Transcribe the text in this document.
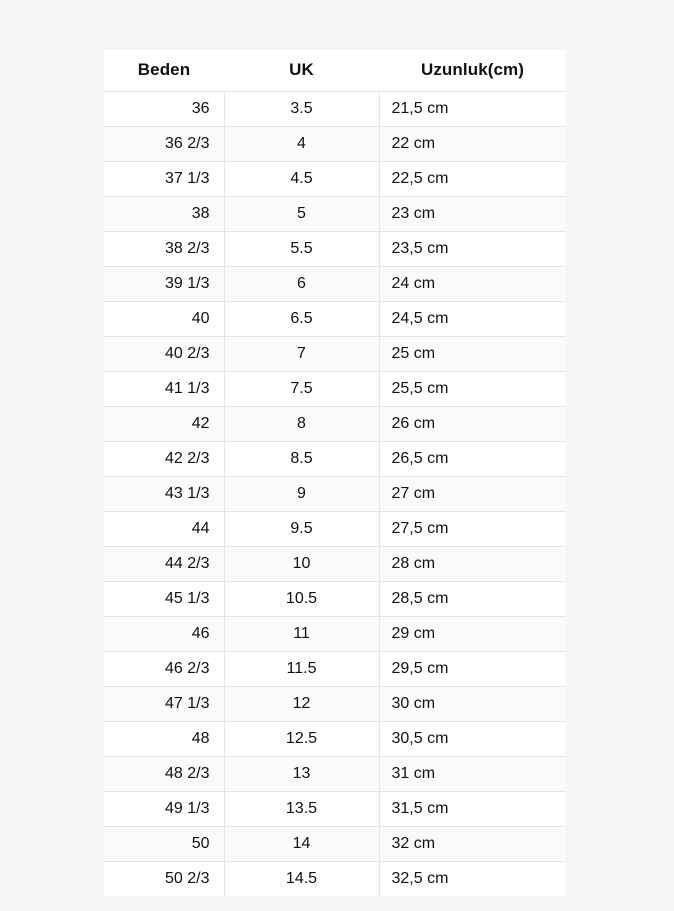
Beden	UK	Uzunluk(cm)
36	3.5	21,5 cm
36 2/3	4	22 cm
37 1/3	4.5	22,5 cm
38	5	23 cm
38 2/3	5.5	23,5 cm
39 1/3	6	24 cm
40	6.5	24,5 cm
40 2/3	7	25 cm
41 1/3	7.5	25,5 cm
42	8	26 cm
42 2/3	8.5	26,5 cm
43 1/3	9	27 cm
44	9.5	27,5 cm
44 2/3	10	28 cm
45 1/3	10.5	28,5 cm
46	11	29 cm
46 2/3	11.5	29,5 cm
47 1/3	12	30 cm
48	12.5	30,5 cm
48 2/3	13	31 cm
49 1/3	13.5	31,5 cm
50	14	32 cm
50 2/3	14.5	32,5 cm
